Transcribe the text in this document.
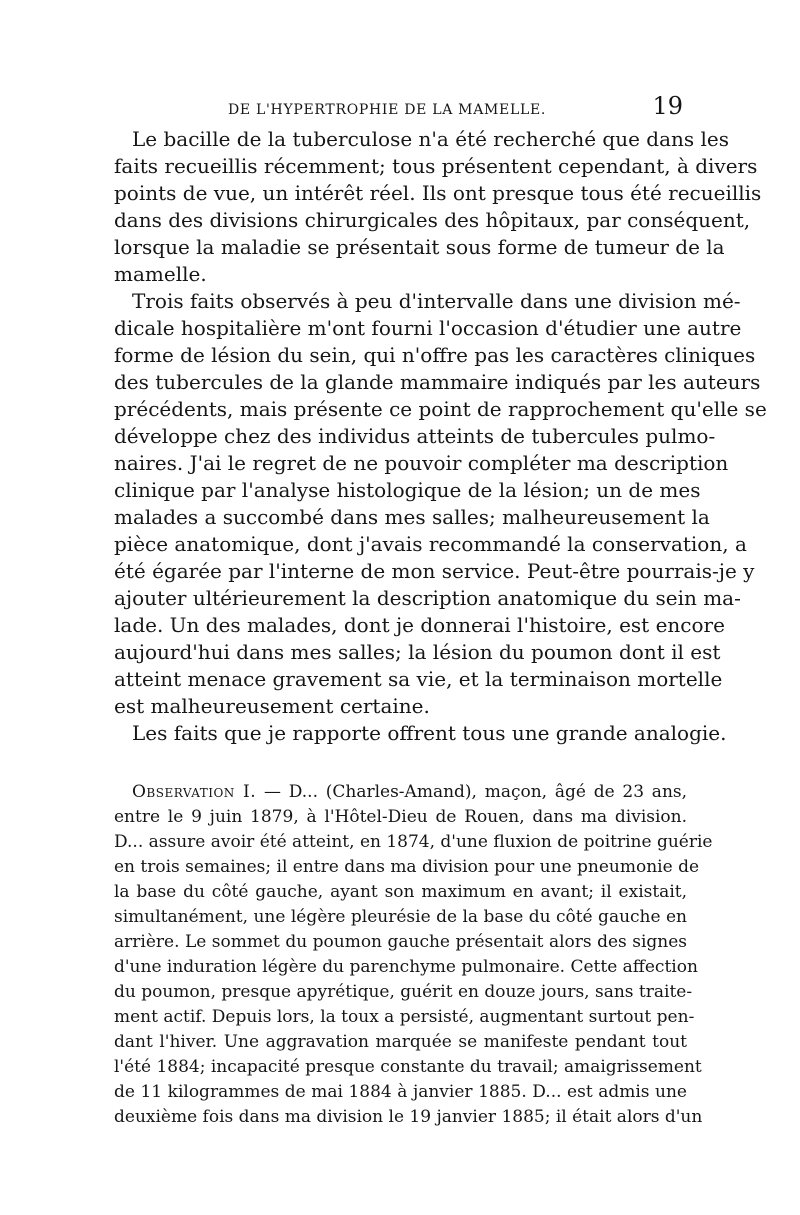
DE L'HYPERTROPHIE DE LA MAMELLE.	19
Le bacille de la tuberculose n'a été recherché que dans les
faits recueillis récemment; tous présentent cependant, à divers
points de vue, un intérêt réel. Ils ont presque tous été recueillis
dans des divisions chirurgicales des hôpitaux, par conséquent,
lorsque la maladie se présentait sous forme de tumeur de la
mamelle.
Trois faits observés à peu d'intervalle dans une division mé-
dicale hospitalière m'ont fourni l'occasion d'étudier une autre
forme de lésion du sein, qui n'offre pas les caractères cliniques
des tubercules de la glande mammaire indiqués par les auteurs
précédents, mais présente ce point de rapprochement qu'elle se
développe chez des individus atteints de tubercules pulmo-
naires. J'ai le regret de ne pouvoir compléter ma description
clinique par l'analyse histologique de la lésion; un de mes
malades a succombé dans mes salles; malheureusement la
pièce anatomique, dont j'avais recommandé la conservation, a
été égarée par l'interne de mon service. Peut-être pourrais-je y
ajouter ultérieurement la description anatomique du sein ma-
lade. Un des malades, dont je donnerai l'histoire, est encore
aujourd'hui dans mes salles; la lésion du poumon dont il est
atteint menace gravement sa vie, et la terminaison mortelle
est malheureusement certaine.
Les faits que je rapporte offrent tous une grande analogie.
Observation I. — D... (Charles-Amand), maçon, âgé de 23 ans,
entre le 9 juin 1879, à l'Hôtel-Dieu de Rouen, dans ma division.
D... assure avoir été atteint, en 1874, d'une fluxion de poitrine guérie
en trois semaines; il entre dans ma division pour une pneumonie de
la base du côté gauche, ayant son maximum en avant; il existait,
simultanément, une légère pleurésie de la base du côté gauche en
arrière. Le sommet du poumon gauche présentait alors des signes
d'une induration légère du parenchyme pulmonaire. Cette affection
du poumon, presque apyrétique, guérit en douze jours, sans traite-
ment actif. Depuis lors, la toux a persisté, augmentant surtout pen-
dant l'hiver. Une aggravation marquée se manifeste pendant tout
l'été 1884; incapacité presque constante du travail; amaigrissement
de 11 kilogrammes de mai 1884 à janvier 1885. D... est admis une
deuxième fois dans ma division le 19 janvier 1885; il était alors d'un
